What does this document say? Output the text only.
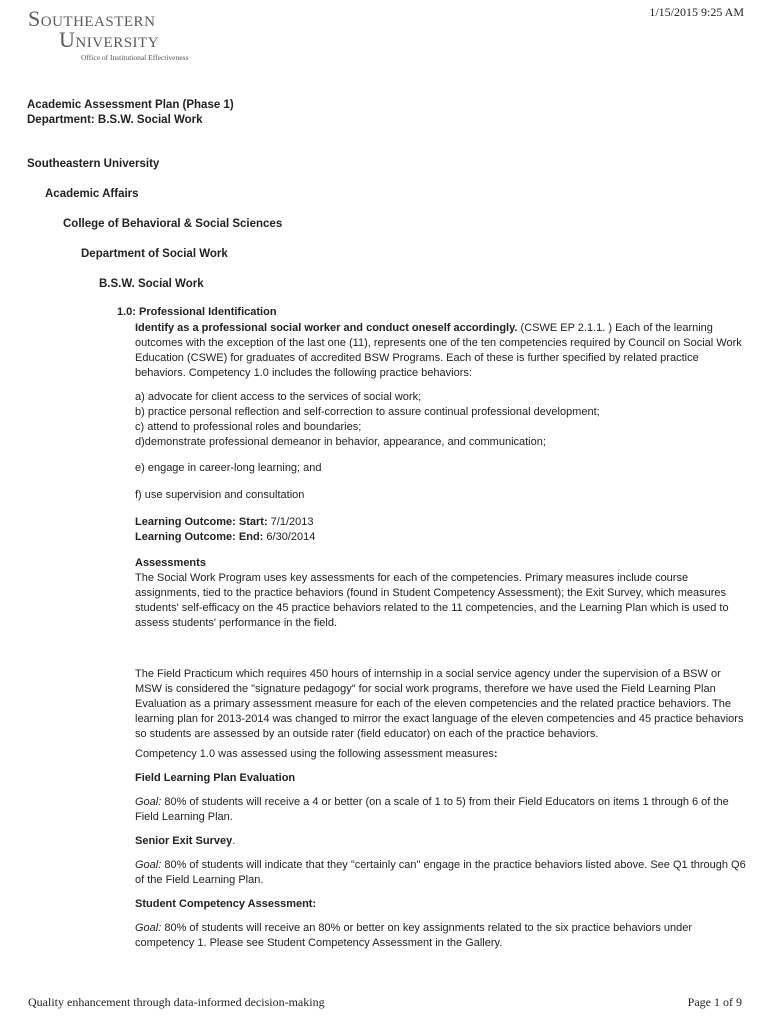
Southeastern
University
Office of Institutional Effectiveness
1/15/2015 9:25 AM
Academic Assessment Plan (Phase 1)
Department: B.S.W. Social Work
Southeastern University
Academic Affairs
College of Behavioral & Social Sciences
Department of Social Work
B.S.W. Social Work
1.0: Professional Identification

Identify as a professional social worker and conduct oneself accordingly. (CSWE EP 2.1.1. ) Each of the learning outcomes with the exception of the last one (11), represents one of the ten competencies required by Council on Social Work Education (CSWE) for graduates of accredited BSW Programs. Each of these is further specified by related practice behaviors. Competency 1.0 includes the following practice behaviors:

a) advocate for client access to the services of social work;
b) practice personal reflection and self-correction to assure continual professional development;
c) attend to professional roles and boundaries;
d)demonstrate professional demeanor in behavior, appearance, and communication;

e) engage in career-long learning; and

f) use supervision and consultation

Learning Outcome: Start: 7/1/2013

Learning Outcome: End: 6/30/2014

Assessments

The Social Work Program uses key assessments for each of the competencies. Primary measures include course assignments, tied to the practice behaviors (found in Student Competency Assessment); the Exit Survey, which measures students' self-efficacy on the 45 practice behaviors related to the 11 competencies, and the Learning Plan which is used to assess students' performance in the field.

The Field Practicum which requires 450 hours of internship in a social service agency under the supervision of a BSW or MSW is considered the "signature pedagogy" for social work programs, therefore we have used the Field Learning Plan Evaluation as a primary assessment measure for each of the eleven competencies and the related practice behaviors. The learning plan for 2013-2014 was changed to mirror the exact language of the eleven competencies and 45 practice behaviors so students are assessed by an outside rater (field educator) on each of the practice behaviors.

Competency 1.0 was assessed using the following assessment measures:

Field Learning Plan Evaluation

Goal: 80% of students will receive a 4 or better (on a scale of 1 to 5) from their Field Educators on items 1 through 6 of the Field Learning Plan.

Senior Exit Survey.

Goal: 80% of students will indicate that they "certainly can" engage in the practice behaviors listed above. See Q1 through Q6 of the Field Learning Plan.

Student Competency Assessment:

Goal: 80% of students will receive an 80% or better on key assignments related to the six practice behaviors under competency 1. Please see Student Competency Assessment in the Gallery.

Quality enhancement through data-informed decision-making	Page 1 of 9
